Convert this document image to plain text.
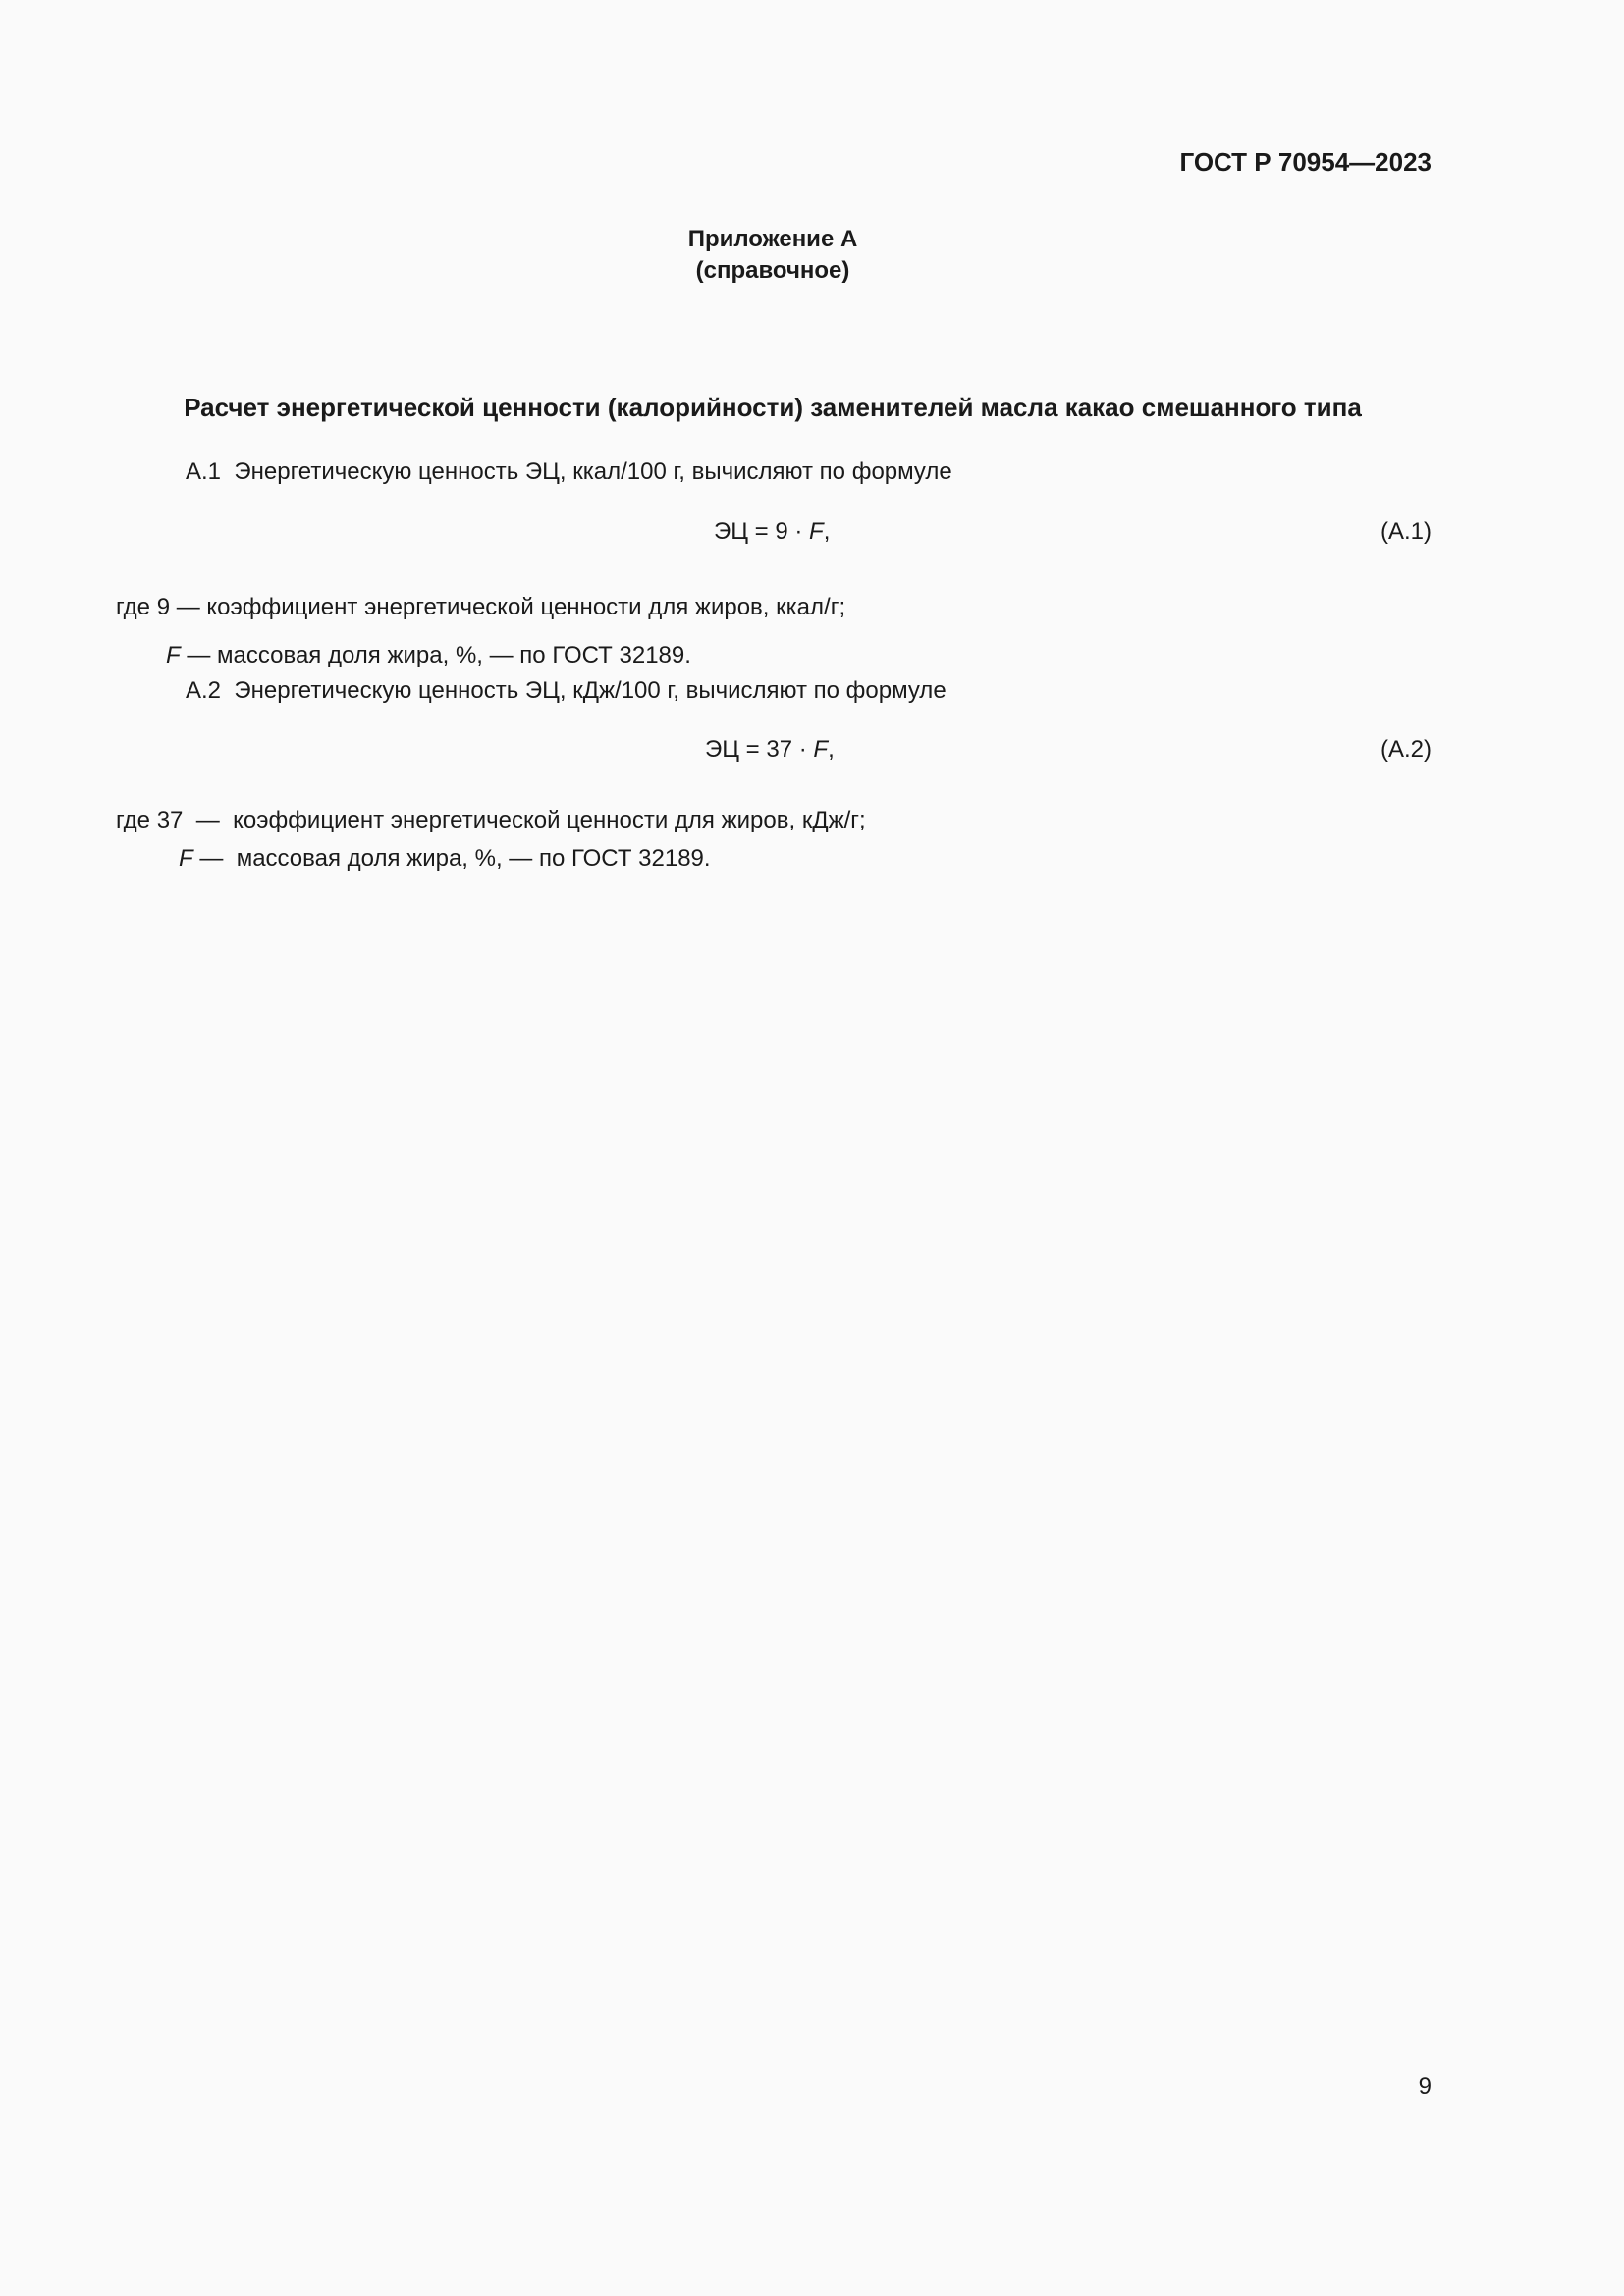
ГОСТ Р 70954—2023
Приложение А
(справочное)
Расчет энергетической ценности (калорийности) заменителей масла какао смешанного типа
А.1 Энергетическую ценность ЭЦ, ккал/100 г, вычисляют по формуле
ЭЦ = 9 · F,	(А.1)
где 9 — коэффициент энергетической ценности для жиров, ккал/г;
F — массовая доля жира, %, — по ГОСТ 32189.
А.2 Энергетическую ценность ЭЦ, кДж/100 г, вычисляют по формуле
ЭЦ = 37 · F,	(А.2)
где 37 — коэффициент энергетической ценности для жиров, кДж/г;
F — массовая доля жира, %, — по ГОСТ 32189.
9
